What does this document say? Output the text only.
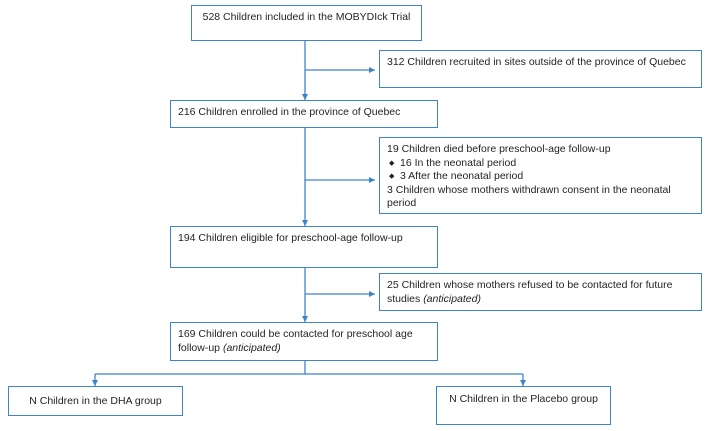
528 Children included in the MOBYDIck Trial
312 Children recruited in sites outside of the province of Quebec
216 Children enrolled in the province of Quebec
19 Children died before preschool-age follow-up
◆ 16 In the neonatal period
◆ 3 After the neonatal period
3 Children whose mothers withdrawn consent in the neonatal period
194 Children eligible for preschool-age follow-up
25 Children whose mothers refused to be contacted for future studies (anticipated)
169 Children could be contacted for preschool age follow-up (anticipated)
N Children in the DHA group	N Children in the Placebo group
